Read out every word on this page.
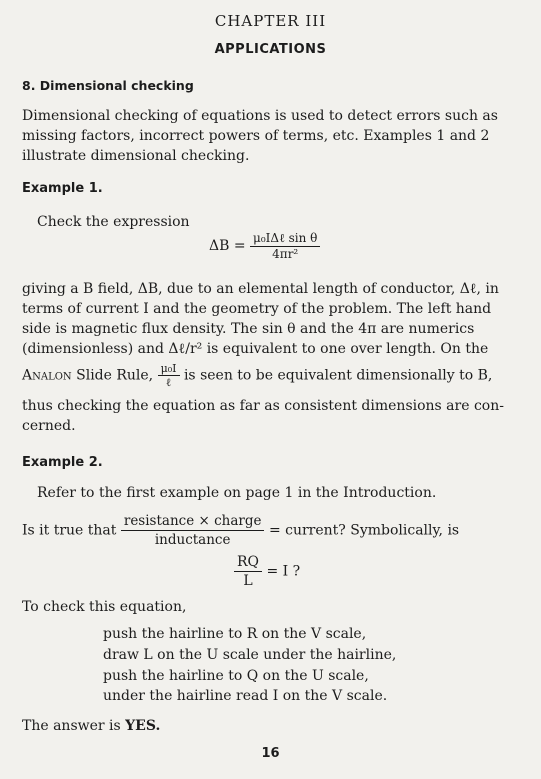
CHAPTER III
APPLICATIONS
8. Dimensional checking
Dimensional checking of equations is used to detect errors such as
missing factors, incorrect powers of terms, etc. Examples 1 and 2
illustrate dimensional checking.
Example 1.
Check the expression
$\Delta B = \frac{\text{μ₀IΔℓ sin θ}}{\text{4πr²}}$
giving a B field, ΔB, due to an elemental length of conductor, Δℓ, in
terms of current I and the geometry of the problem. The left hand
side is magnetic flux density. The sin θ and the 4π are numerics
(dimensionless) and Δℓ/r² is equivalent to one over length. On the
Analon Slide Rule, $\frac{\text{μ₀I}}{\text{ℓ}}$ is seen to be equivalent dimensionally to B,
thus checking the equation as far as consistent dimensions are con-
cerned.
Example 2.
Refer to the first example on page 1 in the Introduction.
Is it true that $\frac{\text{resistance × charge}}{\text{inductance}}$ = current? Symbolically, is
$\frac{RQ}{L} = I$ ?
To check this equation,
push the hairline to R on the V scale,
draw L on the U scale under the hairline,
push the hairline to Q on the U scale,
under the hairline read I on the V scale.
The answer is YES.
16
